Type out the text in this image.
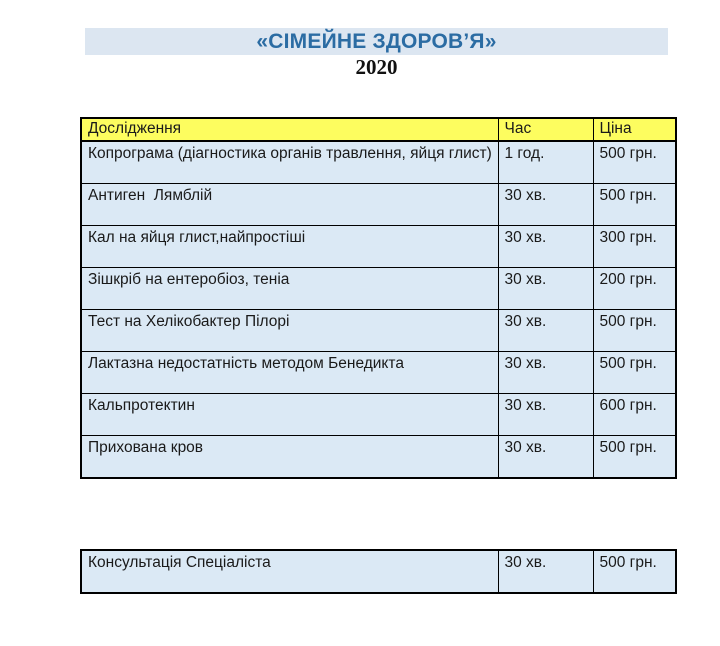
«СІМЕЙНЕ ЗДОРОВ’Я»
2020
Дослідження	Час	Ціна
Копрограма (діагностика органів травлення, яйця глист)	1 год.	500 грн.
Антиген  Лямблій	30 хв.	500 грн.
Кал на яйця глист,найпростіші	30 хв.	300 грн.
Зішкріб на ентеробіоз, теніа	30 хв.	200 грн.
Тест на Хелікобактер Пілорі	30 хв.	500 грн.
Лактазна недостатність методом Бенедикта	30 хв.	500 грн.
Кальпротектин	30 хв.	600 грн.
Прихована кров	30 хв.	500 грн.
Консультація Спеціаліста	30 хв.	500 грн.
